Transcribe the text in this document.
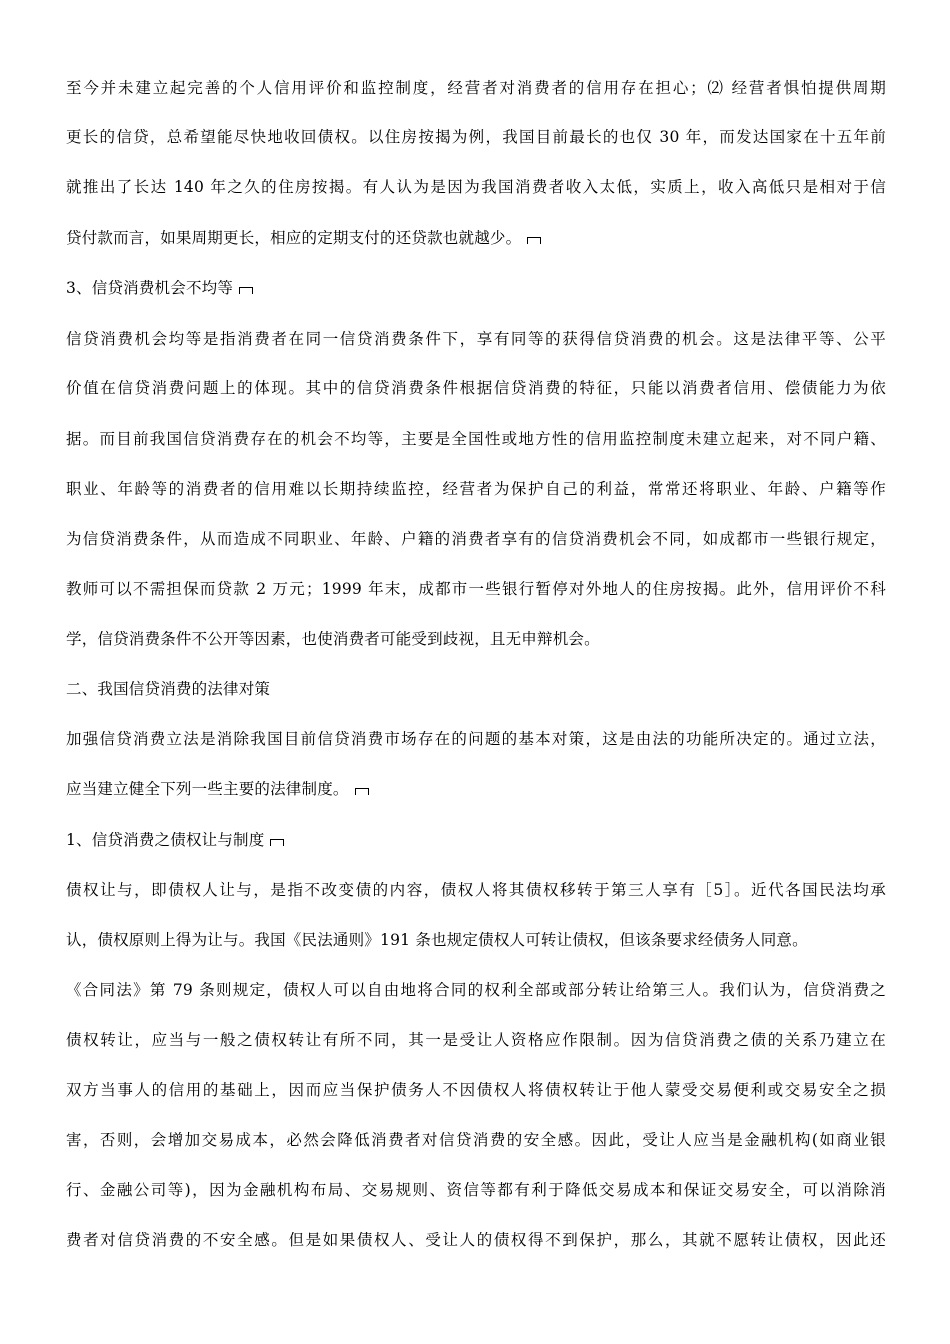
至今并未建立起完善的个人信用评价和监控制度，经营者对消费者的信用存在担心；⑵ 经营者惧怕提供周期
更长的信贷，总希望能尽快地收回债权。以住房按揭为例，我国目前最长的也仅 30 年，而发达国家在十五年前
就推出了长达 140 年之久的住房按揭。有人认为是因为我国消费者收入太低，实质上，收入高低只是相对于信
贷付款而言，如果周期更长，相应的定期支付的还贷款也就越少。
3、信贷消费机会不均等
信贷消费机会均等是指消费者在同一信贷消费条件下，享有同等的获得信贷消费的机会。这是法律平等、公平
价值在信贷消费问题上的体现。其中的信贷消费条件根据信贷消费的特征，只能以消费者信用、偿债能力为依
据。而目前我国信贷消费存在的机会不均等，主要是全国性或地方性的信用监控制度未建立起来，对不同户籍、
职业、年龄等的消费者的信用难以长期持续监控，经营者为保护自己的利益，常常还将职业、年龄、户籍等作
为信贷消费条件，从而造成不同职业、年龄、户籍的消费者享有的信贷消费机会不同，如成都市一些银行规定，
教师可以不需担保而贷款 2 万元；1999 年末，成都市一些银行暂停对外地人的住房按揭。此外，信用评价不科
学，信贷消费条件不公开等因素，也使消费者可能受到歧视，且无申辩机会。
二、我国信贷消费的法律对策
加强信贷消费立法是消除我国目前信贷消费市场存在的问题的基本对策，这是由法的功能所决定的。通过立法，
应当建立健全下列一些主要的法律制度。
1、信贷消费之债权让与制度
债权让与，即债权人让与，是指不改变债的内容，债权人将其债权移转于第三人享有［5］。近代各国民法均承
认，债权原则上得为让与。我国《民法通则》191 条也规定债权人可转让债权，但该条要求经债务人同意。
《合同法》第 79 条则规定，债权人可以自由地将合同的权利全部或部分转让给第三人。我们认为，信贷消费之
债权转让，应当与一般之债权转让有所不同，其一是受让人资格应作限制。因为信贷消费之债的关系乃建立在
双方当事人的信用的基础上，因而应当保护债务人不因债权人将债权转让于他人蒙受交易便利或交易安全之损
害，否则，会增加交易成本，必然会降低消费者对信贷消费的安全感。因此，受让人应当是金融机构(如商业银
行、金融公司等)，因为金融机构布局、交易规则、资信等都有利于降低交易成本和保证交易安全，可以消除消
费者对信贷消费的不安全感。但是如果债权人、受让人的债权得不到保护，那么，其就不愿转让债权，因此还
